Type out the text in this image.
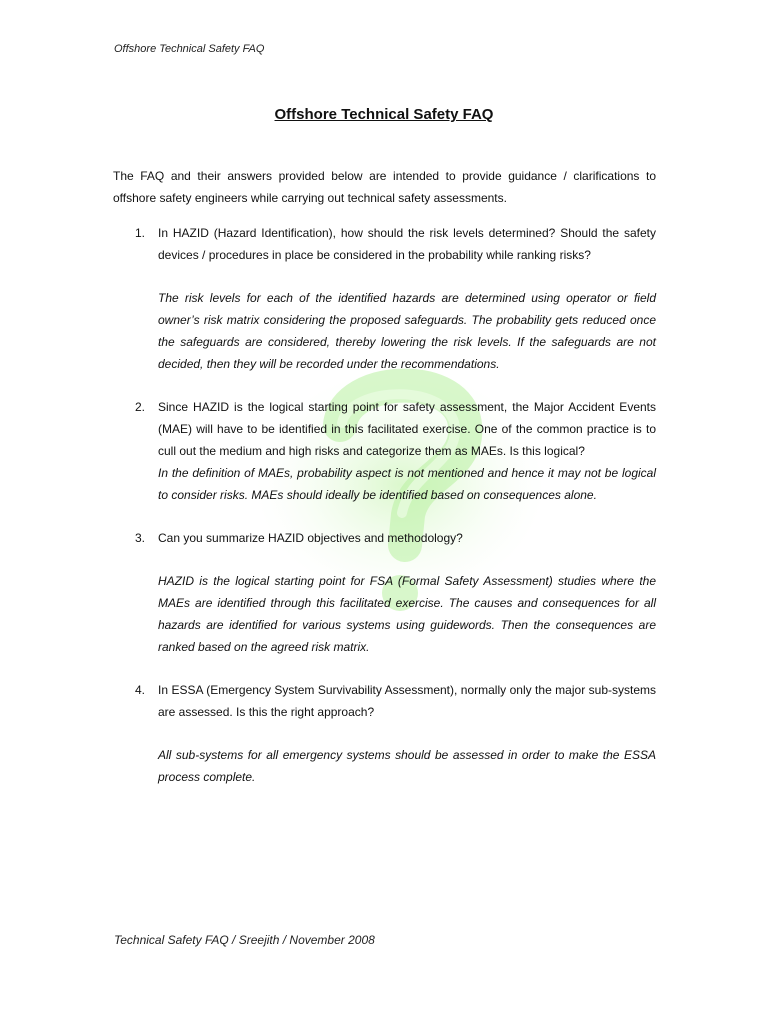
Offshore Technical Safety FAQ
Offshore Technical Safety FAQ
The FAQ and their answers provided below are intended to provide guidance / clarifications to offshore safety engineers while carrying out technical safety assessments.
1. In HAZID (Hazard Identification), how should the risk levels determined? Should the safety devices / procedures in place be considered in the probability while ranking risks?

The risk levels for each of the identified hazards are determined using operator or field owner’s risk matrix considering the proposed safeguards. The probability gets reduced once the safeguards are considered, thereby lowering the risk levels. If the safeguards are not decided, then they will be recorded under the recommendations.

2. Since HAZID is the logical starting point for safety assessment, the Major Accident Events (MAE) will have to be identified in this facilitated exercise. One of the common practice is to cull out the medium and high risks and categorize them as MAEs. Is this logical?

In the definition of MAEs, probability aspect is not mentioned and hence it may not be logical to consider risks. MAEs should ideally be identified based on consequences alone.

3. Can you summarize HAZID objectives and methodology?

HAZID is the logical starting point for FSA (Formal Safety Assessment) studies where the MAEs are identified through this facilitated exercise. The causes and consequences for all hazards are identified for various systems using guidewords. Then the consequences are ranked based on the agreed risk matrix.

4. In ESSA (Emergency System Survivability Assessment), normally only the major sub-systems are assessed. Is this the right approach?

All sub-systems for all emergency systems should be assessed in order to make the ESSA process complete.

Technical Safety FAQ / Sreejith / November 2008
